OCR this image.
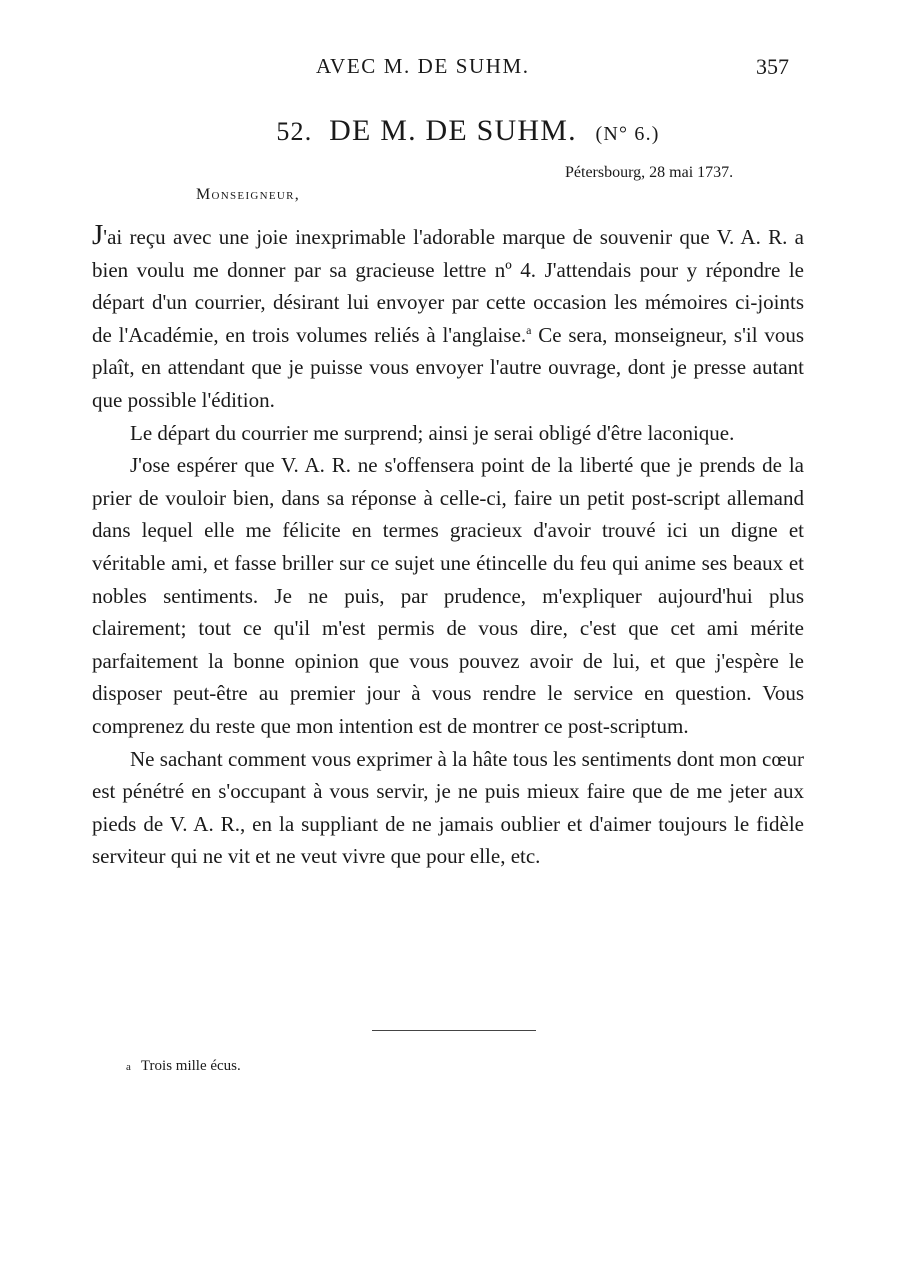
AVEC M. DE SUHM.	357
52. DE M. DE SUHM. (N° 6.)
Pétersbourg, 28 mai 1737.
Monseigneur,

J'ai reçu avec une joie inexprimable l'adorable marque de souvenir que V. A. R. a bien voulu me donner par sa gracieuse lettre nº 4. J'attendais pour y répondre le départ d'un courrier, désirant lui envoyer par cette occasion les mémoires ci-joints de l'Académie, en trois volumes reliés à l'anglaise.$^a$ Ce sera, monseigneur, s'il vous plaît, en attendant que je puisse vous envoyer l'autre ouvrage, dont je presse autant que possible l'édition.

Le départ du courrier me surprend; ainsi je serai obligé d'être laconique.

J'ose espérer que V. A. R. ne s'offensera point de la liberté que je prends de la prier de vouloir bien, dans sa réponse à celle-ci, faire un petit post-script allemand dans lequel elle me félicite en termes gracieux d'avoir trouvé ici un digne et véritable ami, et fasse briller sur ce sujet une étincelle du feu qui anime ses beaux et nobles sentiments. Je ne puis, par prudence, m'expliquer aujourd'hui plus clairement; tout ce qu'il m'est permis de vous dire, c'est que cet ami mérite parfaitement la bonne opinion que vous pouvez avoir de lui, et que j'espère le disposer peut-être au premier jour à vous rendre le service en question. Vous comprenez du reste que mon intention est de montrer ce post-scriptum.

Ne sachant comment vous exprimer à la hâte tous les sentiments dont mon cœur est pénétré en s'occupant à vous servir, je ne puis mieux faire que de me jeter aux pieds de V. A. R., en la suppliant de ne jamais oublier et d'aimer toujours le fidèle serviteur qui ne vit et ne veut vivre que pour elle, etc.

a Trois mille écus.
